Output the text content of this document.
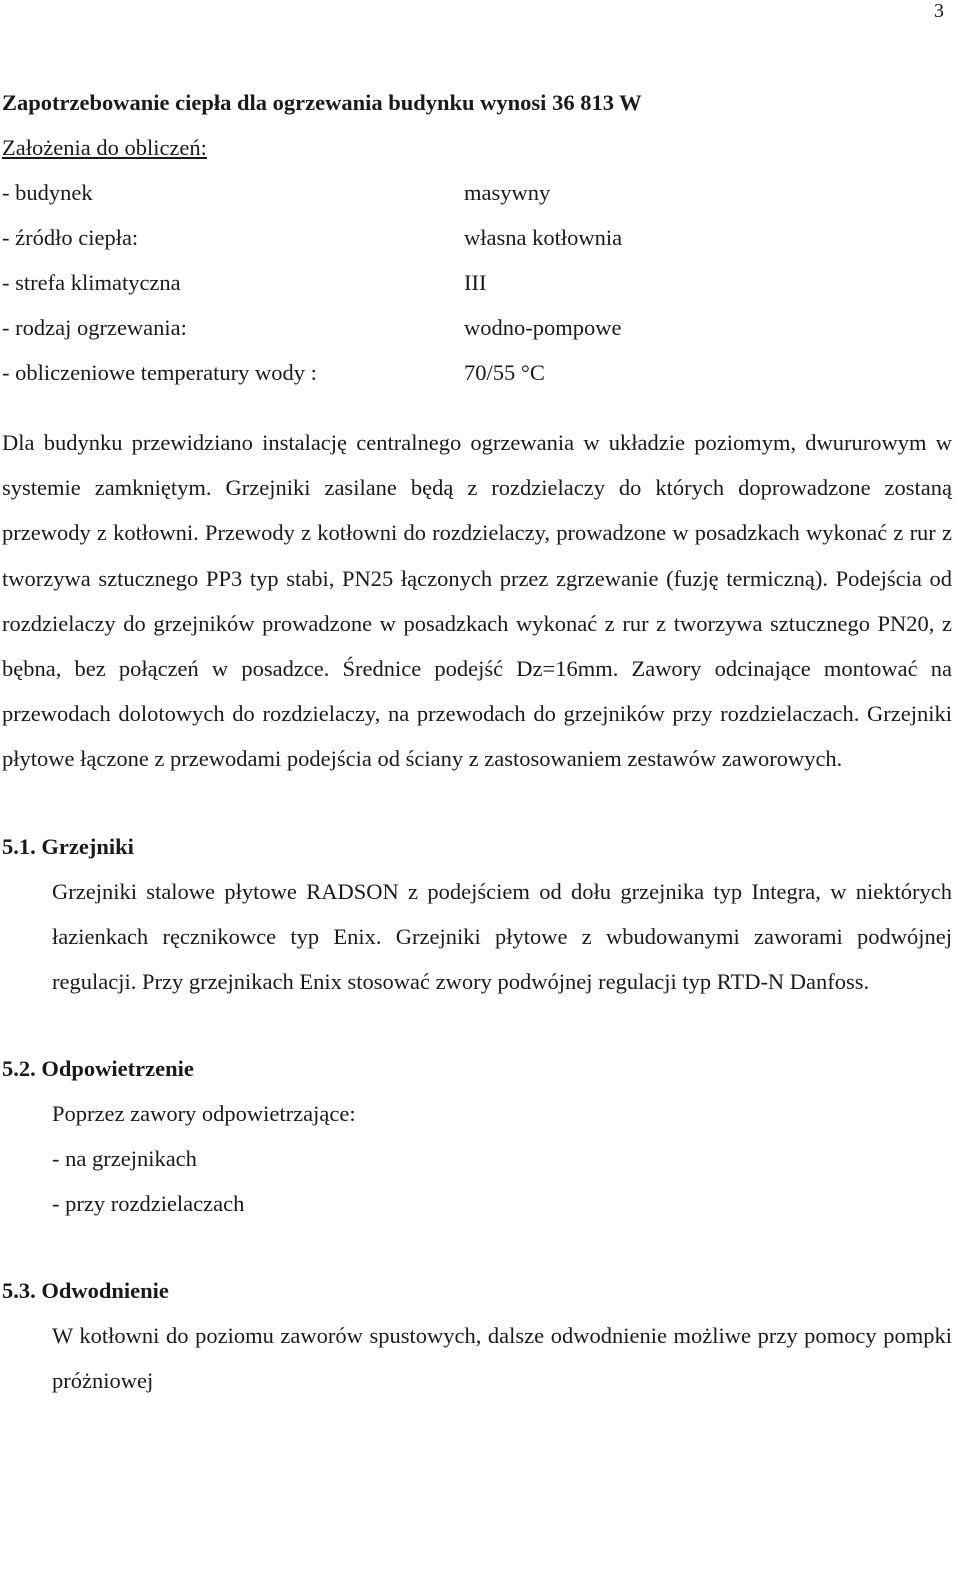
3

Zapotrzebowanie ciepła dla ogrzewania budynku wynosi 36 813 W

Założenia do obliczeń:

- budynek	masywny
- źródło ciepła:	własna kotłownia
- strefa klimatyczna	III
- rodzaj ogrzewania:	wodno-pompowe
- obliczeniowe temperatury wody :	70/55 °C

Dla budynku przewidziano instalację centralnego ogrzewania w układzie poziomym, dwururowym w systemie zamkniętym. Grzejniki zasilane będą z rozdzielaczy do których doprowadzone zostaną przewody z kotłowni. Przewody z kotłowni do rozdzielaczy, prowadzone w posadzkach wykonać z rur z tworzywa sztucznego PP3 typ stabi, PN25 łączonych przez zgrzewanie (fuzję termiczną). Podejścia od rozdzielaczy do grzejników prowadzone w posadzkach wykonać z rur z tworzywa sztucznego PN20, z bębna, bez połączeń w posadzce. Średnice podejść Dz=16mm. Zawory odcinające montować na przewodach dolotowych do rozdzielaczy, na przewodach do grzejników przy rozdzielaczach. Grzejniki płytowe łączone z przewodami podejścia od ściany z zastosowaniem zestawów zaworowych.

5.1. Grzejniki

Grzejniki stalowe płytowe RADSON z podejściem od dołu grzejnika typ Integra, w niektórych łazienkach ręcznikowce typ Enix. Grzejniki płytowe z wbudowanymi zaworami podwójnej regulacji. Przy grzejnikach Enix stosować zwory podwójnej regulacji typ RTD-N Danfoss.

5.2. Odpowietrzenie

Poprzez zawory odpowietrzające:

- na grzejnikach

- przy rozdzielaczach

5.3. Odwodnienie

W kotłowni do poziomu zaworów spustowych, dalsze odwodnienie możliwe przy pomocy pompki próżniowej
